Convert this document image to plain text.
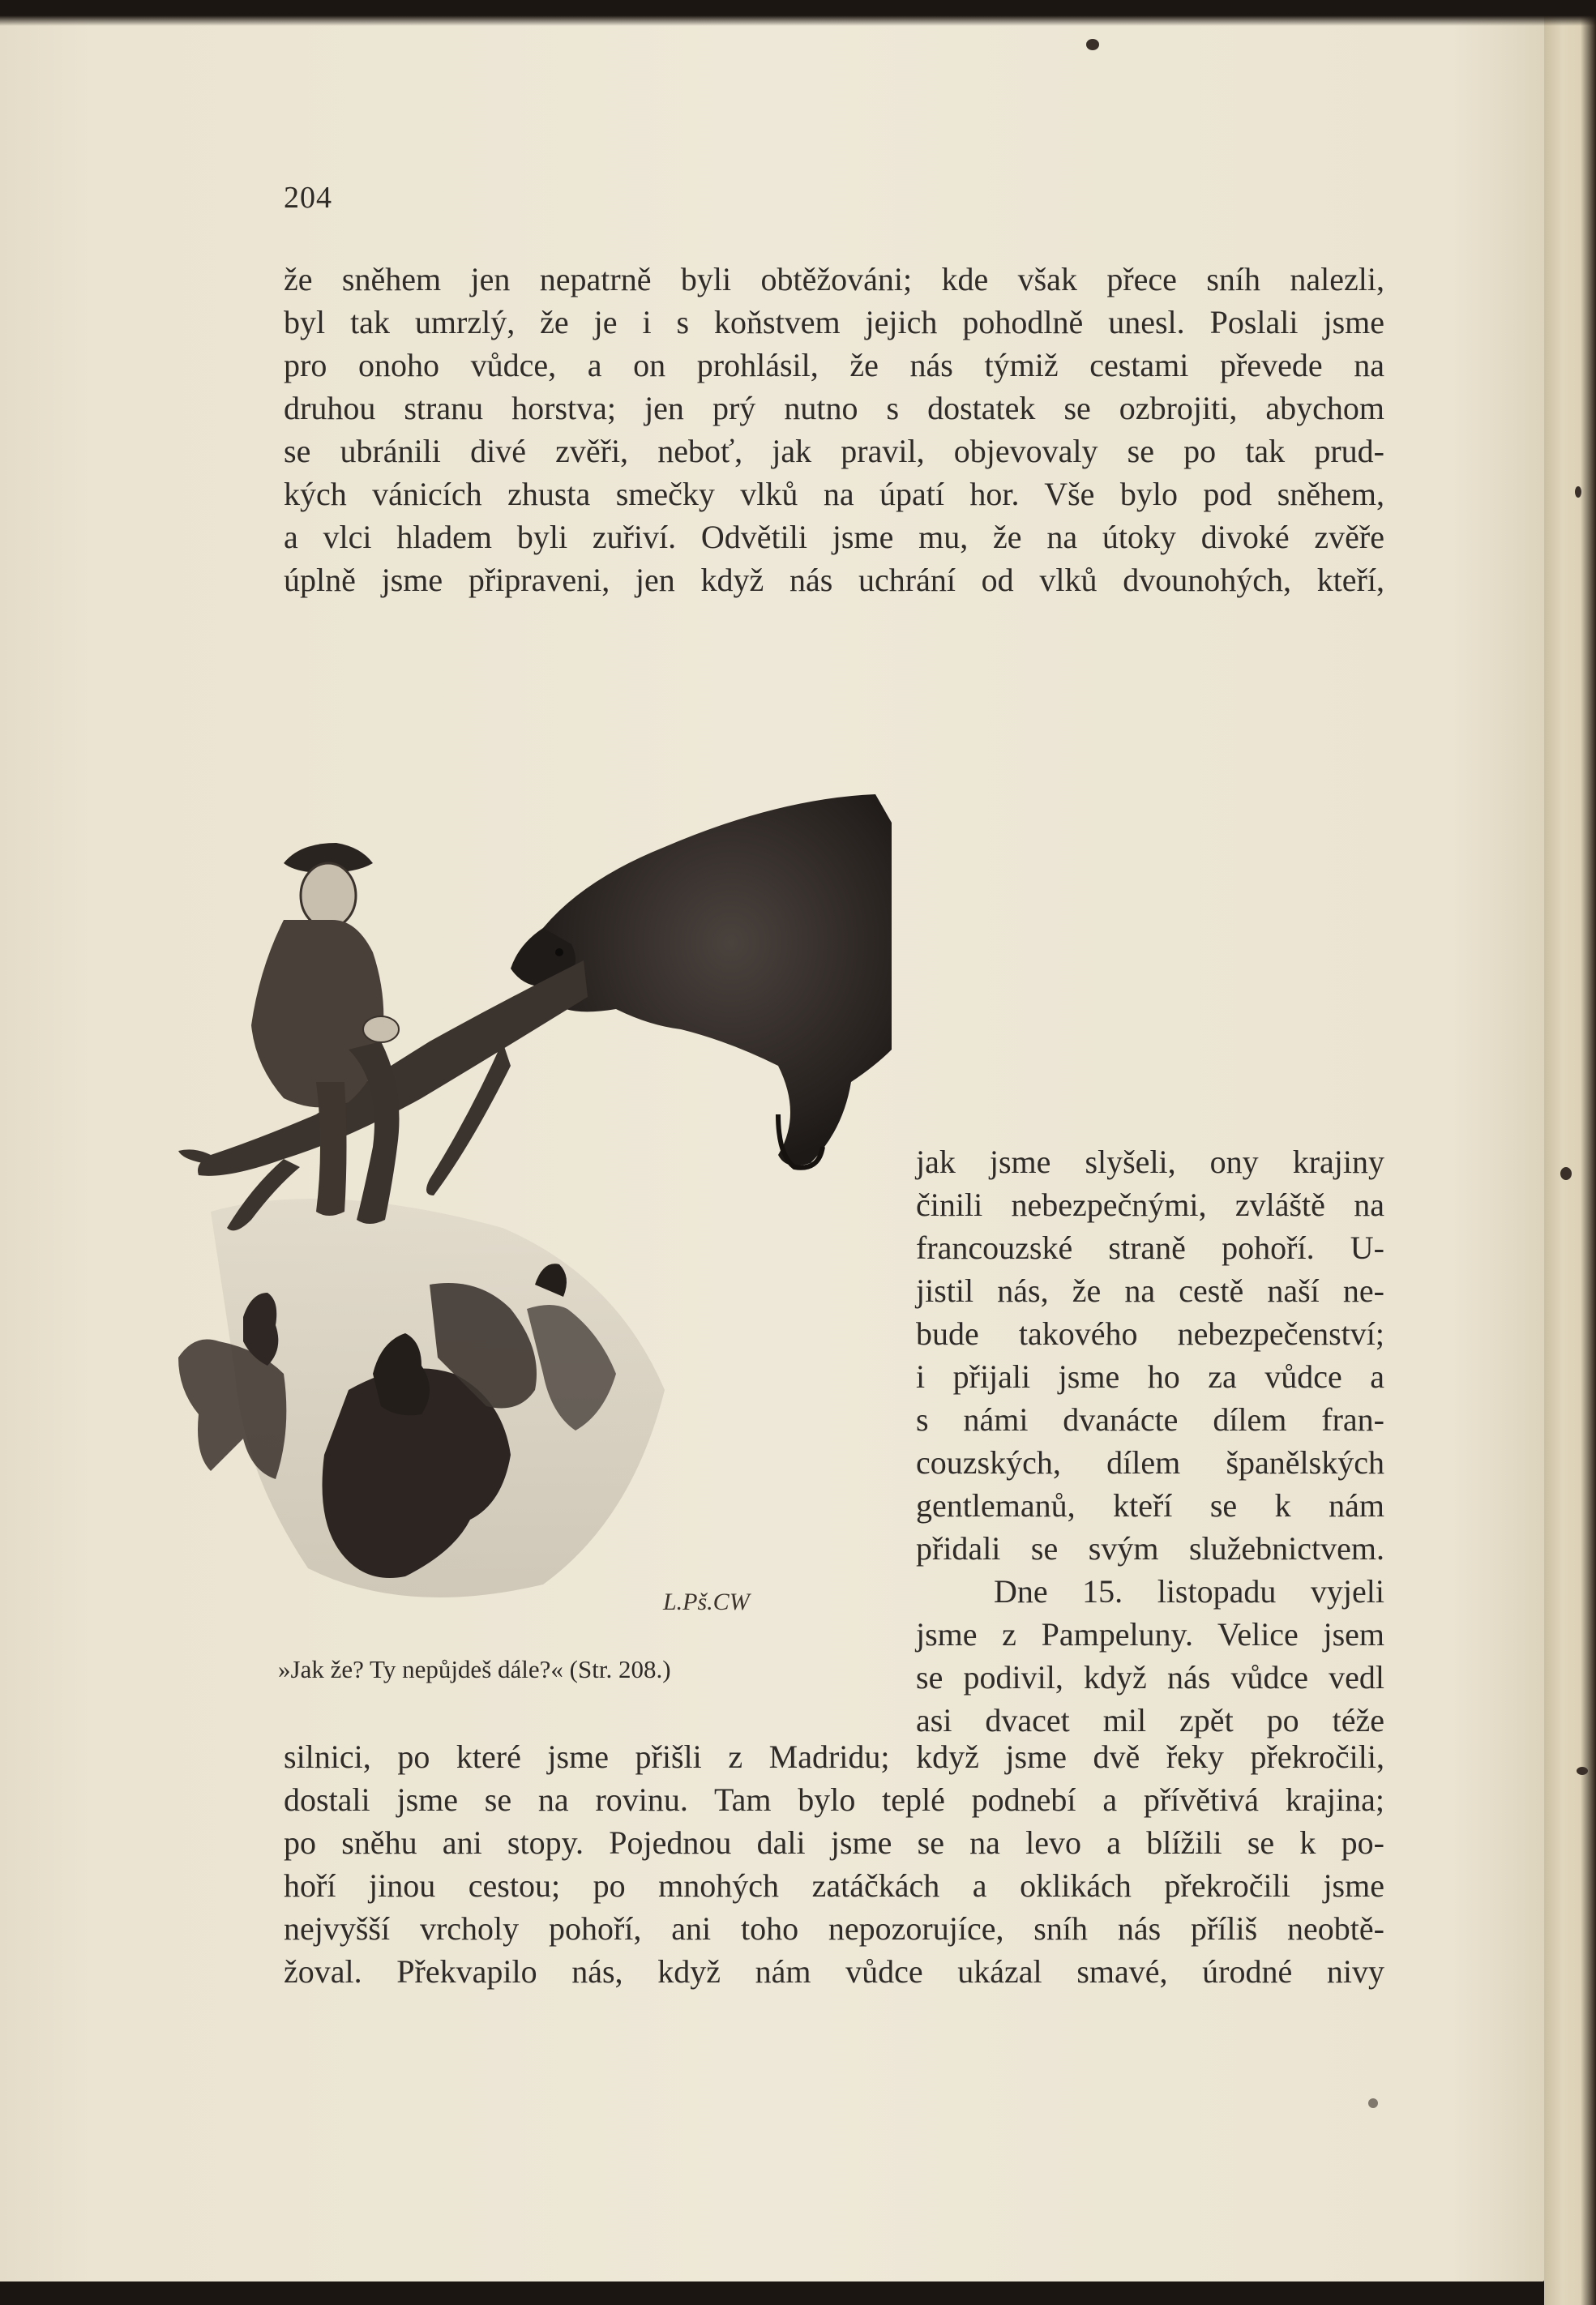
204
že sněhem jen nepatrně byli obtěžováni; kde však přece sníh nalezli,
byl tak umrzlý, že je i s koňstvem jejich pohodlně unesl. Poslali jsme
pro onoho vůdce, a on prohlásil, že nás týmiž cestami převede na
druhou stranu horstva; jen prý nutno s dostatek se ozbrojiti, abychom
se ubránili divé zvěři, neboť, jak pravil, objevovaly se po tak prud-
kých vánicích zhusta smečky vlků na úpatí hor. Vše bylo pod sněhem,
a vlci hladem byli zuřiví. Odvětili jsme mu, že na útoky divoké zvěře
úplně jsme připraveni, jen když nás uchrání od vlků dvounohých, kteří,
L.Pš.CW
»Jak že? Ty nepůjdeš dále?« (Str. 208.)
jak jsme slyšeli, ony krajiny
činili nebezpečnými, zvláště na
francouzské straně pohoří. U-
jistil nás, že na cestě naší ne-
bude takového nebezpečenství;
i přijali jsme ho za vůdce a
s námi dvanácte dílem fran-
couzských, dílem španělských
gentlemanů, kteří se k nám
přidali se svým služebnictvem.
Dne 15. listopadu vyjeli
jsme z Pampeluny. Velice jsem
se podivil, když nás vůdce vedl
asi dvacet mil zpět po téže
silnici, po které jsme přišli z Madridu; když jsme dvě řeky překročili,
dostali jsme se na rovinu. Tam bylo teplé podnebí a přívětivá krajina;
po sněhu ani stopy. Pojednou dali jsme se na levo a blížili se k po-
hoří jinou cestou; po mnohých zatáčkách a oklikách překročili jsme
nejvyšší vrcholy pohoří, ani toho nepozorujíce, sníh nás příliš neobtě-
žoval. Překvapilo nás, když nám vůdce ukázal smavé, úrodné nivy
